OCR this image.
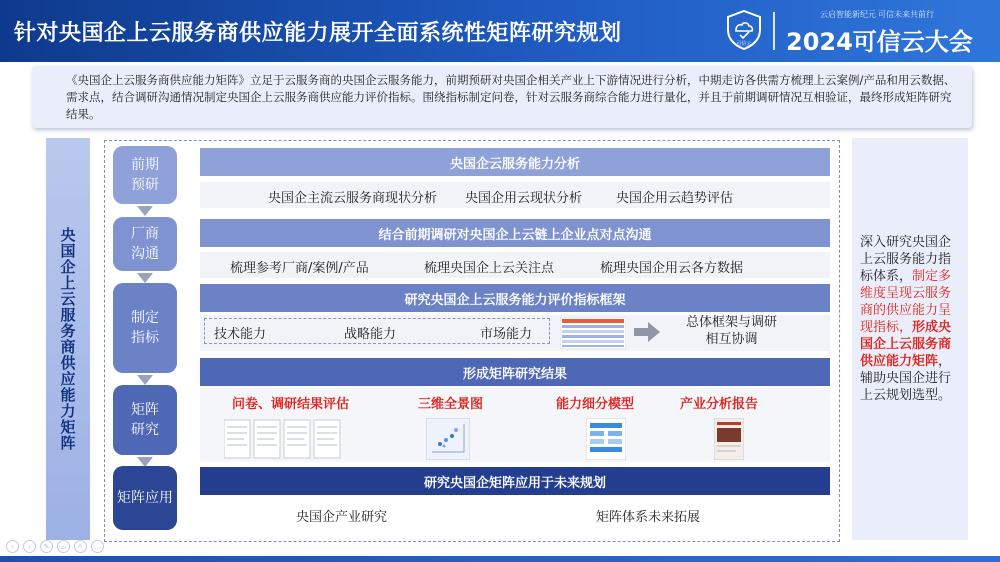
针对央国企上云服务商供应能力展开全面系统性矩阵研究规划	可信云
云启智能新纪元 可信未来共前行
2024可信云大会
《央国企上云服务商供应能力矩阵》立足于云服务商的央国企云服务能力，前期预研对央国企相关产业上下游情况进行分析，中期走访各供需方梳理上云案例/产品和用云数据、需求点，结合调研沟通情况制定央国企上云服务商供应能力评价指标。围绕指标制定问卷，针对云服务商综合能力进行量化，并且于前期调研情况互相验证，最终形成矩阵研究结果。
央国企上云服务商供应能力矩阵
前期
预研
厂商
沟通
制定
指标
矩阵
研究
矩阵应用
央国企云服务能力分析
央国企主流云服务商现状分析 央国企用云现状分析	央国企用云趋势评估
结合前期调研对央国企上云链上企业点对点沟通
梳理参考厂商/案例/产品	梳理央国企上云关注点	梳理央国企用云各方数据
研究央国企上云服务能力评价指标框架
技术能力	战略能力	市场能力
总体框架与调研
相互协调
形成矩阵研究结果
问卷、调研结果评估	三维全景图	能力细分模型	产业分析报告
研究央国企矩阵应用于未来规划
央国企产业研究	矩阵体系未来拓展
深入研究央国企上云服务能力指标体系，制定多维度呈现云服务商的供应能力呈现指标，形成央国企上云服务商供应能力矩阵，辅助央国企进行上云规划选型。
‹	›	✎	▭	⌕	…
